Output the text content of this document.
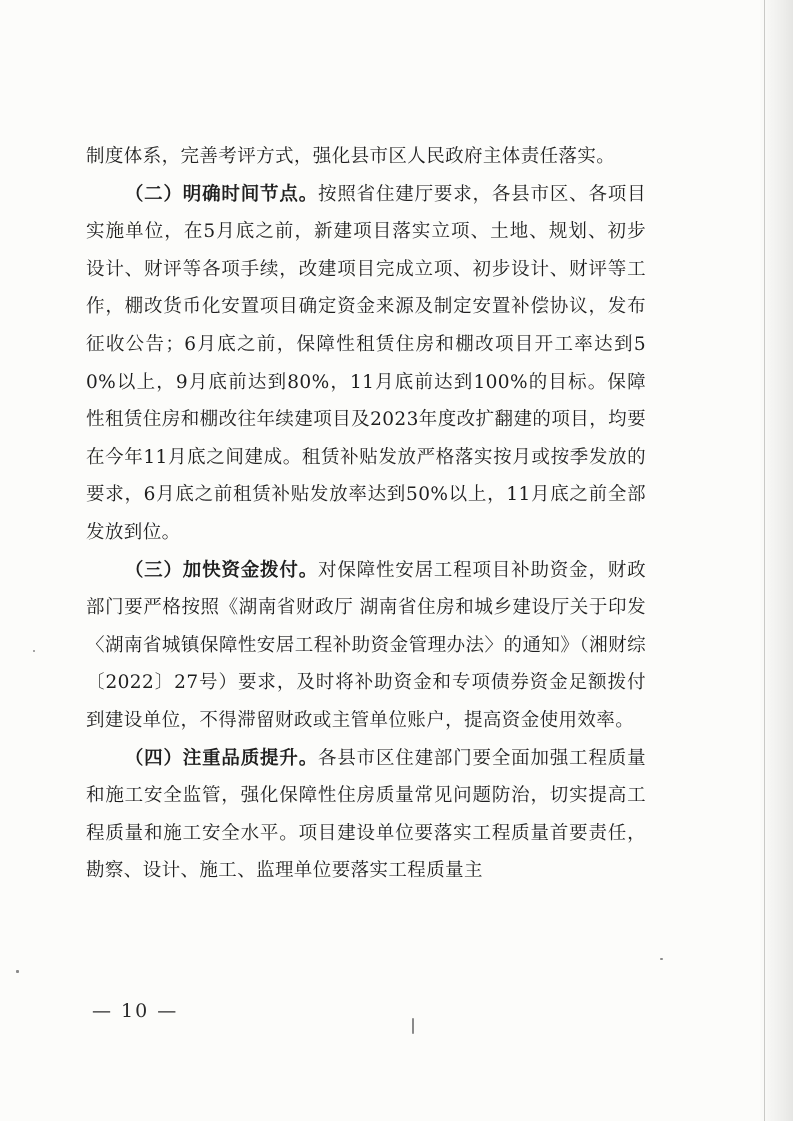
制度体系，完善考评方式，强化县市区人民政府主体责任落实。

（二）明确时间节点。按照省住建厅要求，各县市区、各项目实施单位，在5月底之前，新建项目落实立项、土地、规划、初步设计、财评等各项手续，改建项目完成立项、初步设计、财评等工作，棚改货币化安置项目确定资金来源及制定安置补偿协议，发布征收公告；6月底之前，保障性租赁住房和棚改项目开工率达到50%以上，9月底前达到80%，11月底前达到100%的目标。保障性租赁住房和棚改往年续建项目及2023年度改扩翻建的项目，均要在今年11月底之间建成。租赁补贴发放严格落实按月或按季发放的要求，6月底之前租赁补贴发放率达到50%以上，11月底之前全部发放到位。

（三）加快资金拨付。对保障性安居工程项目补助资金，财政部门要严格按照《湖南省财政厅 湖南省住房和城乡建设厅关于印发〈湖南省城镇保障性安居工程补助资金管理办法〉的通知》（湘财综〔2022〕27号）要求，及时将补助资金和专项债券资金足额拨付到建设单位，不得滞留财政或主管单位账户，提高资金使用效率。

（四）注重品质提升。各县市区住建部门要全面加强工程质量和施工安全监管，强化保障性住房质量常见问题防治，切实提高工程质量和施工安全水平。项目建设单位要落实工程质量首要责任，勘察、设计、施工、监理单位要落实工程质量主

— 10 —
